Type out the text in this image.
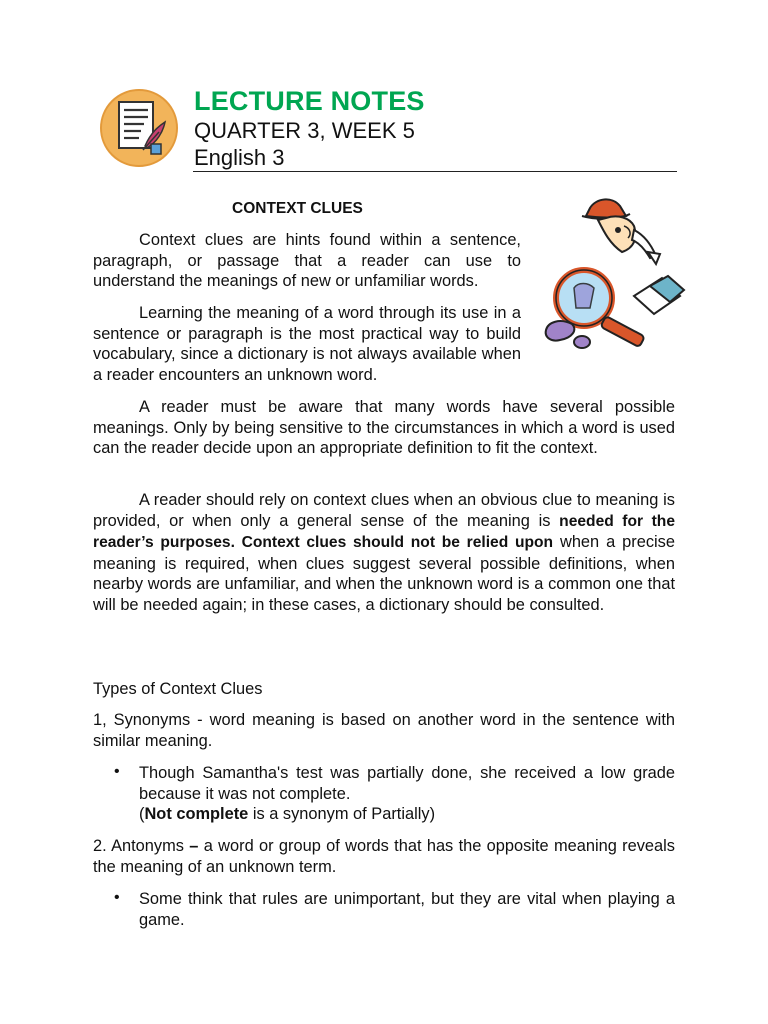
LECTURE NOTES
QUARTER 3, WEEK 5
English 3
CONTEXT CLUES

Context clues are hints found within a sentence, paragraph, or passage that a reader can use to understand the meanings of new or unfamiliar words.

Learning the meaning of a word through its use in a sentence or paragraph is the most practical way to build vocabulary, since a dictionary is not always available when a reader encounters an unknown word.

A reader must be aware that many words have several possible meanings. Only by being sensitive to the circumstances in which a word is used can the reader decide upon an appropriate definition to fit the context.

A reader should rely on context clues when an obvious clue to meaning is provided, or when only a general sense of the meaning is needed for the reader’s purposes. Context clues should not be relied upon when a precise meaning is required, when clues suggest several possible definitions, when nearby words are unfamiliar, and when the unknown word is a common one that will be needed again; in these cases, a dictionary should be consulted.

Types of Context Clues

1, Synonyms - word meaning is based on another word in the sentence with similar meaning.

• Though Samantha's test was partially done, she received a low grade because it was not complete.
(Not complete is a synonym of Partially)

2. Antonyms – a word or group of words that has the opposite meaning reveals the meaning of an unknown term.

• Some think that rules are unimportant, but they are vital when playing a game.
